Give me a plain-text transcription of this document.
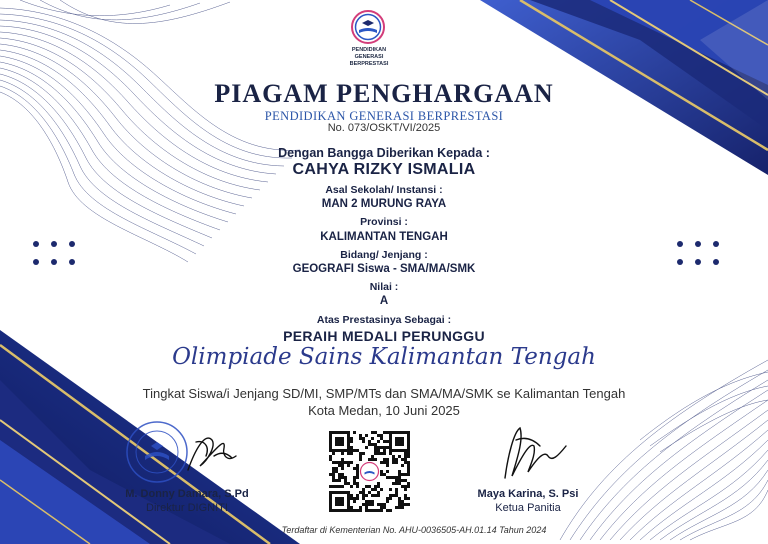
PENDIDIKAN
GENERASI
BERPRESTASI
PIAGAM PENGHARGAAN
PENDIDIKAN GENERASI BERPRESTASI
No. 073/OSKT/VI/2025
Dengan Bangga Diberikan Kepada :
CAHYA RIZKY ISMALIA
Asal Sekolah/ Instansi :
MAN 2 MURUNG RAYA
Provinsi :
KALIMANTAN TENGAH
Bidang/ Jenjang :
GEOGRAFI Siswa - SMA/MA/SMK
Nilai :
A
Atas Prestasinya Sebagai :
PERAIH MEDALI PERUNGGU
Olimpiade Sains Kalimantan Tengah
Tingkat Siswa/i Jenjang SD/MI, SMP/MTs dan SMA/MA/SMK se Kalimantan Tengah
Kota Medan, 10 Juni 2025
M. Donny Damara, S.Pd
Direktur DIGNITI
Maya Karina, S. Psi
Ketua Panitia
Terdaftar di Kementerian No. AHU-0036505-AH.01.14 Tahun 2024
